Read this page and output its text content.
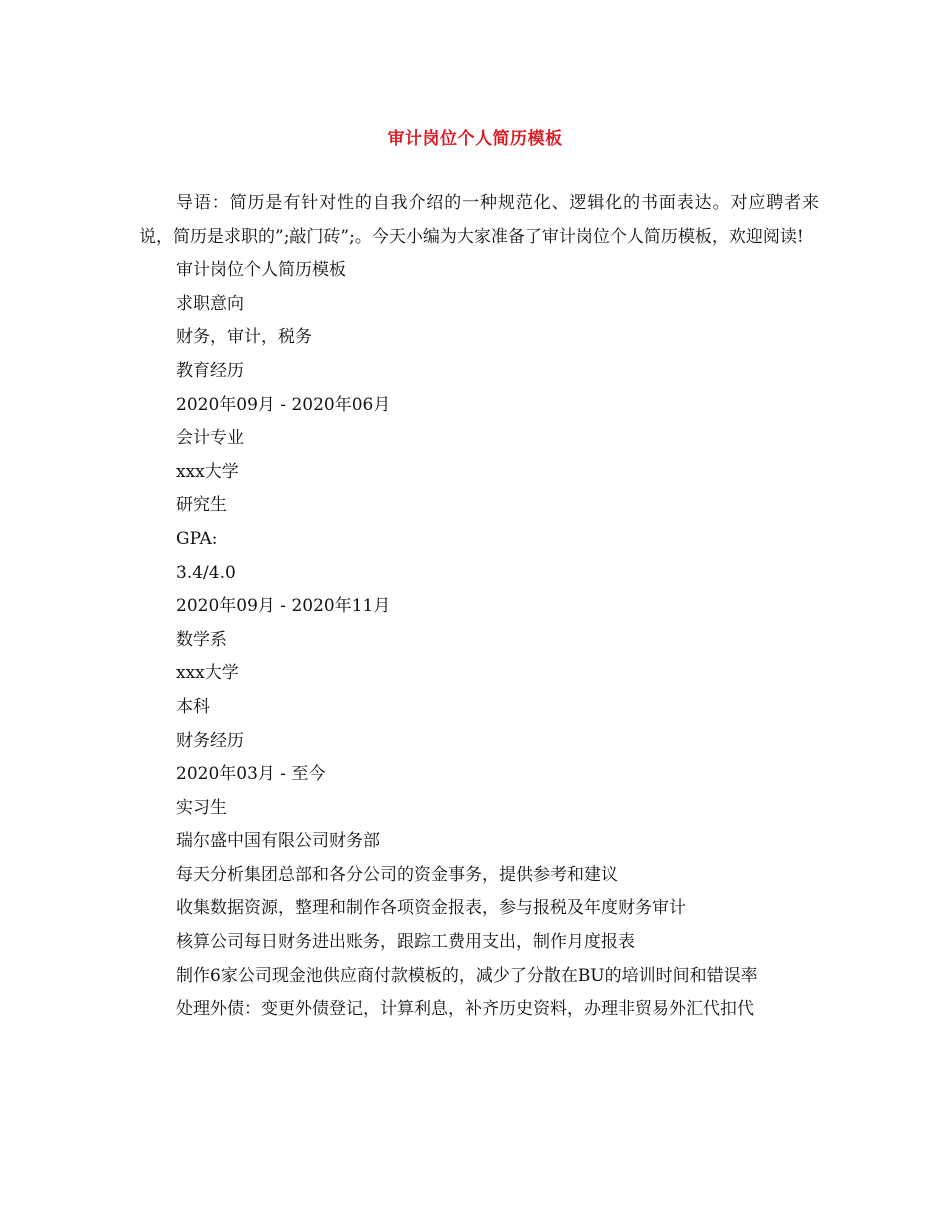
审计岗位个人简历模板

导语：简历是有针对性的自我介绍的一种规范化、逻辑化的书面表达。对应聘者来说，简历是求职的”;敲门砖”;。今天小编为大家准备了审计岗位个人简历模板，欢迎阅读!

审计岗位个人简历模板

求职意向

财务，审计，税务

教育经历

2020年09月 - 2020年06月

会计专业

xxx大学

研究生

GPA:

3.4/4.0

2020年09月 - 2020年11月

数学系

xxx大学

本科

财务经历

2020年03月 - 至今

实习生

瑞尔盛中国有限公司财务部

每天分析集团总部和各分公司的资金事务，提供参考和建议

收集数据资源，整理和制作各项资金报表，参与报税及年度财务审计

核算公司每日财务进出账务，跟踪工费用支出，制作月度报表

制作6家公司现金池供应商付款模板的，减少了分散在BU的培训时间和错误率

处理外债：变更外债登记，计算利息，补齐历史资料，办理非贸易外汇代扣代
